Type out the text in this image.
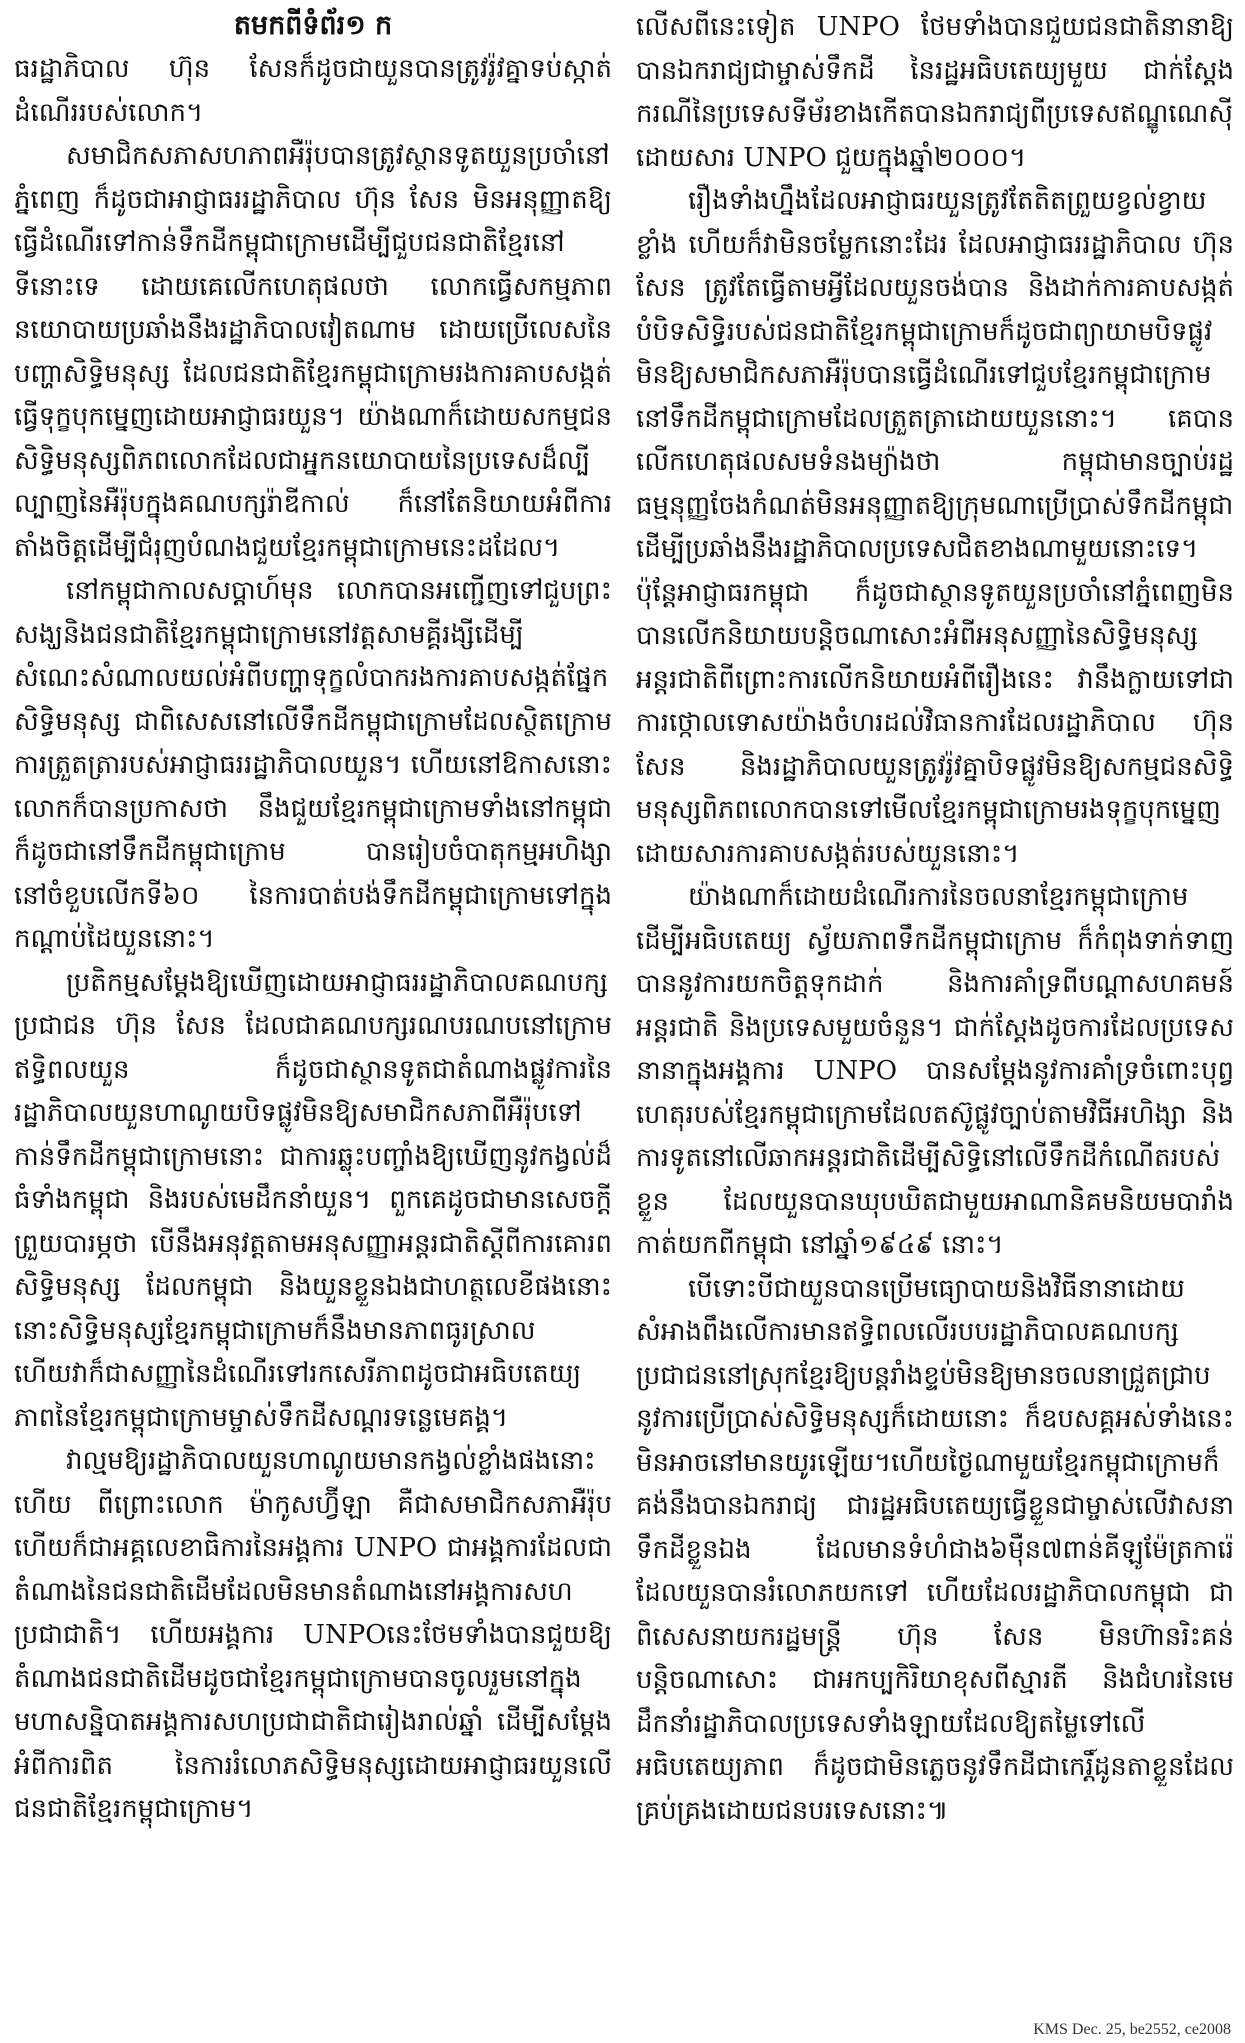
តមកពីទំព័រ១ ក

ធរដ្ឋាភិបាល ហ៊ុន សែនក៏ដូចជាយួនបានត្រូវរ៉ូវគ្នាទប់ស្កាត់ដំណើររបស់លោក។

សមាជិកសភាសហភាពអឺរ៉ុបបានត្រូវស្ថានទូតយួនប្រចាំនៅភ្នំពេញ ក៏ដូចជាអាជ្ញាធររដ្ឋាភិបាល ហ៊ុន សែន មិនអនុញ្ញាតឱ្យធ្វើដំណើរទៅកាន់ទឹកដីកម្ពុជាក្រោមដើម្បីជួបជនជាតិខ្មែរនៅទីនោះទេ ដោយគេលើកហេតុផលថា លោកធ្វើសកម្មភាពនយោបាយប្រឆាំងនឹងរដ្ឋាភិបាលវៀតណាម ដោយប្រើលេសនៃបញ្ហាសិទ្ធិមនុស្ស ដែលជនជាតិខ្មែរកម្ពុជាក្រោមរងការគាបសង្កត់ធ្វើទុក្ខបុកម្នេញដោយអាជ្ញាធរយួន។ យ៉ាងណាក៏ដោយសកម្មជនសិទ្ធិមនុស្សពិភពលោកដែលជាអ្នកនយោបាយនៃប្រទេសដ៏ល្បីល្បាញនៃអឺរ៉ុបក្នុងគណបក្សរ៉ាឌីកាល់ ក៏នៅតែនិយាយអំពីការតាំងចិត្តដើម្បីជំរុញបំណងជួយខ្មែរកម្ពុជាក្រោមនេះដដែល។

នៅកម្ពុជាកាលសប្តាហ៍មុន លោកបានអញ្ជើញទៅជួបព្រះសង្ឃនិងជនជាតិខ្មែរកម្ពុជាក្រោមនៅវត្តសាមគ្គីរង្សីដើម្បីសំណេះសំណាលយល់អំពីបញ្ហាទុក្ខលំបាករងការគាបសង្កត់ផ្នែកសិទ្ធិមនុស្ស ជាពិសេសនៅលើទឹកដីកម្ពុជាក្រោមដែលស្ថិតក្រោមការត្រួតត្រារបស់អាជ្ញាធររដ្ឋាភិបាលយួន។ ហើយនៅឱកាសនោះ លោកក៏បានប្រកាសថា នឹងជួយខ្មែរកម្ពុជាក្រោមទាំងនៅកម្ពុជា ក៏ដូចជានៅទឹកដីកម្ពុជាក្រោម បានរៀបចំបាតុកម្មអហិង្សានៅចំខួបលើកទី៦០ នៃការបាត់បង់ទឹកដីកម្ពុជាក្រោមទៅក្នុងកណ្តាប់ដៃយួននោះ។

ប្រតិកម្មសម្តែងឱ្យឃើញដោយអាជ្ញាធររដ្ឋាភិបាលគណបក្សប្រជាជន ហ៊ុន សែន ដែលជាគណបក្សរណបរណបនៅក្រោមឥទ្ធិពលយួន ក៏ដូចជាស្ថានទូតជាតំណាងផ្លូវការនៃរដ្ឋាភិបាលយួនហាណូយបិទផ្លូវមិនឱ្យសមាជិកសភាពីអឺរ៉ុបទៅកាន់ទឹកដីកម្ពុជាក្រោមនោះ ជាការឆ្លុះបញ្ចាំងឱ្យឃើញនូវកង្វល់ដ៏ធំទាំងកម្ពុជា និងរបស់មេដឹកនាំយួន។ ពួកគេដូចជាមានសេចក្តីព្រួយបារម្ភថា បើនឹងអនុវត្តតាមអនុសញ្ញាអន្តរជាតិស្តីពីការគោរពសិទ្ធិមនុស្ស ដែលកម្ពុជា និងយួនខ្លួនឯងជាហត្ថលេខីផងនោះនោះសិទ្ធិមនុស្សខ្មែរកម្ពុជាក្រោមក៏នឹងមានភាពធូរស្រាល ហើយវាក៏ជាសញ្ញានៃដំណើរទៅរកសេរីភាពដូចជាអធិបតេយ្យភាពនៃខ្មែរកម្ពុជាក្រោមម្ចាស់ទឹកដីសណ្តរទន្លេមេគង្គ។

វាល្មមឱ្យរដ្ឋាភិបាលយួនហាណូយមានកង្វល់ខ្លាំងផងនោះហើយ ពីព្រោះលោក ម៉ាកូសហ្វ៊ីឡា គឺជាសមាជិកសភាអឺរ៉ុប ហើយក៏ជាអគ្គលេខាធិការនៃអង្គការ UNPO ជាអង្គការដែលជាតំណាងនៃជនជាតិដើមដែលមិនមានតំណាងនៅអង្គការសហប្រជាជាតិ។ ហើយអង្គការ UNPOនេះថែមទាំងបានជួយឱ្យតំណាងជនជាតិដើមដូចជាខ្មែរកម្ពុជាក្រោមបានចូលរួមនៅក្នុងមហាសន្និបាតអង្គការសហប្រជាជាតិជារៀងរាល់ឆ្នាំ ដើម្បីសម្តែងអំពីការពិត នៃការរំលោភសិទ្ធិមនុស្សដោយអាជ្ញាធរយួនលើជនជាតិខ្មែរកម្ពុជាក្រោម។

លើសពីនេះទៀត UNPO ថែមទាំងបានជួយជនជាតិនានាឱ្យបានឯករាជ្យជាម្ចាស់ទឹកដី នៃរដ្ឋអធិបតេយ្យមួយ ជាក់ស្តែងករណីនៃប្រទេសទីម័រខាងកើតបានឯករាជ្យពីប្រទេសឥណ្ឌូណេស៊ី ដោយសារ UNPO ជួយក្នុងឆ្នាំ២០០០។

រឿងទាំងហ្នឹងដែលអាជ្ញាធរយួនត្រូវតែតិតព្រួយខ្វល់ខ្វាយខ្លាំង ហើយក៏វាមិនចម្លែកនោះដែរ ដែលអាជ្ញាធររដ្ឋាភិបាល ហ៊ុន សែន ត្រូវតែធ្វើតាមអ្វីដែលយួនចង់បាន និងដាក់ការគាបសង្កត់បំបិទសិទ្ធិរបស់ជនជាតិខ្មែរកម្ពុជាក្រោមក៏ដូចជាព្យាយាមបិទផ្លូវមិនឱ្យសមាជិកសភាអឺរ៉ុបបានធ្វើដំណើរទៅជួបខ្មែរកម្ពុជាក្រោមនៅទឹកដីកម្ពុជាក្រោមដែលត្រួតត្រាដោយយួននោះ។ គេបានលើកហេតុផលសមទំនងម្យ៉ាងថា កម្ពុជាមានច្បាប់រដ្ឋធម្មនុញ្ញចែងកំណត់មិនអនុញ្ញាតឱ្យក្រុមណាប្រើប្រាស់ទឹកដីកម្ពុជាដើម្បីប្រឆាំងនឹងរដ្ឋាភិបាលប្រទេសជិតខាងណាមួយនោះទេ។ ប៉ុន្តែអាជ្ញាធរកម្ពុជា ក៏ដូចជាស្ថានទូតយួនប្រចាំនៅភ្នំពេញមិនបានលើកនិយាយបន្តិចណាសោះអំពីអនុសញ្ញានៃសិទ្ធិមនុស្សអន្តរជាតិពីព្រោះការលើកនិយាយអំពីរឿងនេះ វានឹងក្លាយទៅជាការថ្កោលទោសយ៉ាងចំហរដល់វិធានការដែលរដ្ឋាភិបាល ហ៊ុន សែន និងរដ្ឋាភិបាលយួនត្រូវរ៉ូវគ្នាបិទផ្លូវមិនឱ្យសកម្មជនសិទ្ធិមនុស្សពិភពលោកបានទៅមើលខ្មែរកម្ពុជាក្រោមរងទុក្ខបុកម្នេញដោយសារការគាបសង្កត់របស់យួននោះ។

យ៉ាងណាក៏ដោយដំណើរការនៃចលនាខ្មែរកម្ពុជាក្រោមដើម្បីអធិបតេយ្យ ស្វ័យភាពទឹកដីកម្ពុជាក្រោម ក៏កំពុងទាក់ទាញបាននូវការយកចិត្តទុកដាក់ និងការគាំទ្រពីបណ្តាសហគមន៍អន្តរជាតិ និងប្រទេសមួយចំនួន។ ជាក់ស្តែងដូចការដែលប្រទេសនានាក្នុងអង្គការ UNPO បានសម្តែងនូវការគាំទ្រចំពោះបុព្វហេតុរបស់ខ្មែរកម្ពុជាក្រោមដែលតស៊ូផ្លូវច្បាប់តាមវិធីអហិង្សា និងការទូតនៅលើឆាកអន្តរជាតិដើម្បីសិទ្ធិនៅលើទឹកដីកំណើតរបស់ខ្លួន ដែលយួនបានឃុបឃិតជាមួយអាណានិគមនិយមបារាំងកាត់យកពីកម្ពុជា នៅឆ្នាំ១៩៤៩ នោះ។

បើទោះបីជាយួនបានប្រើមធ្យោបាយនិងវិធីនានាដោយសំអាងពឹងលើការមានឥទ្ធិពលលើរបបរដ្ឋាភិបាលគណបក្សប្រជាជននៅស្រុកខ្មែរឱ្យបន្តរាំងខ្ទប់មិនឱ្យមានចលនាជ្រួតជ្រាបនូវការប្រើប្រាស់សិទ្ធិមនុស្សក៏ដោយនោះ ក៏ឧបសគ្គអស់ទាំងនេះមិនអាចនៅមានយូរឡើយ។ហើយថ្ងៃណាមួយខ្មែរកម្ពុជាក្រោមក៏គង់នឹងបានឯករាជ្យ ជារដ្ឋអធិបតេយ្យធ្វើខ្លួនជាម្ចាស់លើវាសនាទឹកដីខ្លួនឯង ដែលមានទំហំជាង៦ម៉ឺន៧ពាន់គីឡូម៉ែត្រការ៉េ ដែលយួនបានរំលោភយកទៅ ហើយដែលរដ្ឋាភិបាលកម្ពុជា ជាពិសេសនាយករដ្ឋមន្ត្រី ហ៊ុន សែន មិនហ៊ានរិះគន់បន្តិចណាសោះ ជាអកប្បកិរិយាខុសពីស្មារតី និងជំហរនៃមេដឹកនាំរដ្ឋាភិបាលប្រទេសទាំងឡាយដែលឱ្យតម្លៃទៅលើអធិបតេយ្យភាព ក៏ដូចជាមិនភ្លេចនូវទឹកដីជាកេរ្តិ៍ដូនតាខ្លួនដែលគ្រប់គ្រងដោយជនបរទេសនោះ៕

KMS Dec. 25, be2552, ce2008
